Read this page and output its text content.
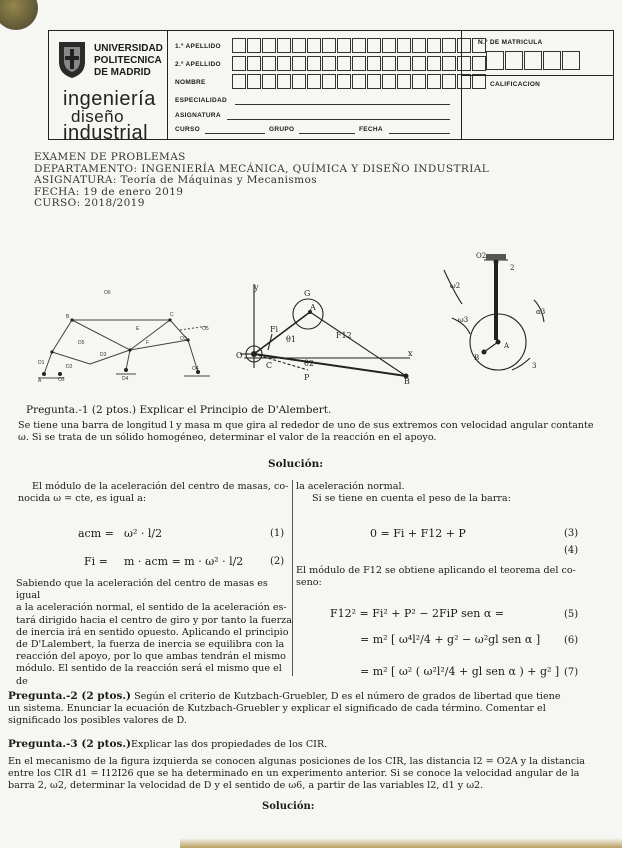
UNIVERSIDAD
POLITECNICA
DE MADRID
ingeniería
diseño
industrial
1.º APELLIDO
2.º APELLIDO
NOMBRE
ESPECIALIDAD
ASIGNATURA
CURSO	GRUPO	FECHA
N.º DE MATRICULA
CALIFICACION
EXAMEN DE PROBLEMAS
DEPARTAMENTO: INGENIERÍA MECÁNICA, QUÍMICA Y DISEÑO INDUSTRIAL
ASIGNATURA: Teoría de Máquinas y Mecanismos
FECHA: 19 de enero 2019
CURSO: 2018/2019
O6
B
D5
C
E
O4
D4
O3
O2
A
D1
D2
D3
F
O5
y
x
G
O
A
B
F12
Fi
P
θ1
θ2
C
O2
2
ω2
ω3
α3
B
A
3
Pregunta.-1 (2 ptos.) Explicar el Principio de D'Alembert.
Se tiene una barra de longitud l y masa m que gira al rededor de uno de sus extremos con velocidad angular contante
ω. Si se trata de un sólido homogéneo, determinar el valor de la reacción en el apoyo.
Solución:
El módulo de la aceleración del centro de masas, co-
nocida ω = cte, es igual a:
acm = ω² · l/2	(1)
Fi = m · acm = m · ω² · l/2	(2)
Sabiendo que la aceleración del centro de masas es igual
a la aceleración normal, el sentido de la aceleración es-
tará dirigido hacia el centro de giro y por tanto la fuerza
de inercia irá en sentido opuesto. Aplicando el principio
de D'Lalembert, la fuerza de inercia se equilibra con la
reacción del apoyo, por lo que ambas tendrán el mismo
módulo. El sentido de la reacción será el mismo que el de
la aceleración normal.
Si se tiene en cuenta el peso de la barra:
0 = Fi + F12 + P	(3)
(4)
El módulo de F12 se obtiene aplicando el teorema del co-
seno:
F12² = Fi² + P² − 2FiP sen α =	(5)
= m² [ ω⁴l²/4 + g² − ω²gl sen α ] (6)
= m² [ ω² ( ω²l²/4 + gl sen α ) + g² ] (7)
Pregunta.-2 (2 ptos.) Según el criterio de Kutzbach-Gruebler, D es el número de grados de libertad que tiene
un sistema. Enunciar la ecuación de Kutzbach-Gruebler y explicar el significado de cada término. Comentar el
significado los posibles valores de D.
Pregunta.-3 (2 ptos.)Explicar las dos propiedades de los CIR.
En el mecanismo de la figura izquierda se conocen algunas posiciones de los CIR, las distancia l2 = O2A y la distancia
entre los CIR d1 = I12I26 que se ha determinado en un experimento anterior. Si se conoce la velocidad angular de la
barra 2, ω2, determinar la velocidad de D y el sentido de ω6, a partir de las variables l2, d1 y ω2.
Solución:
